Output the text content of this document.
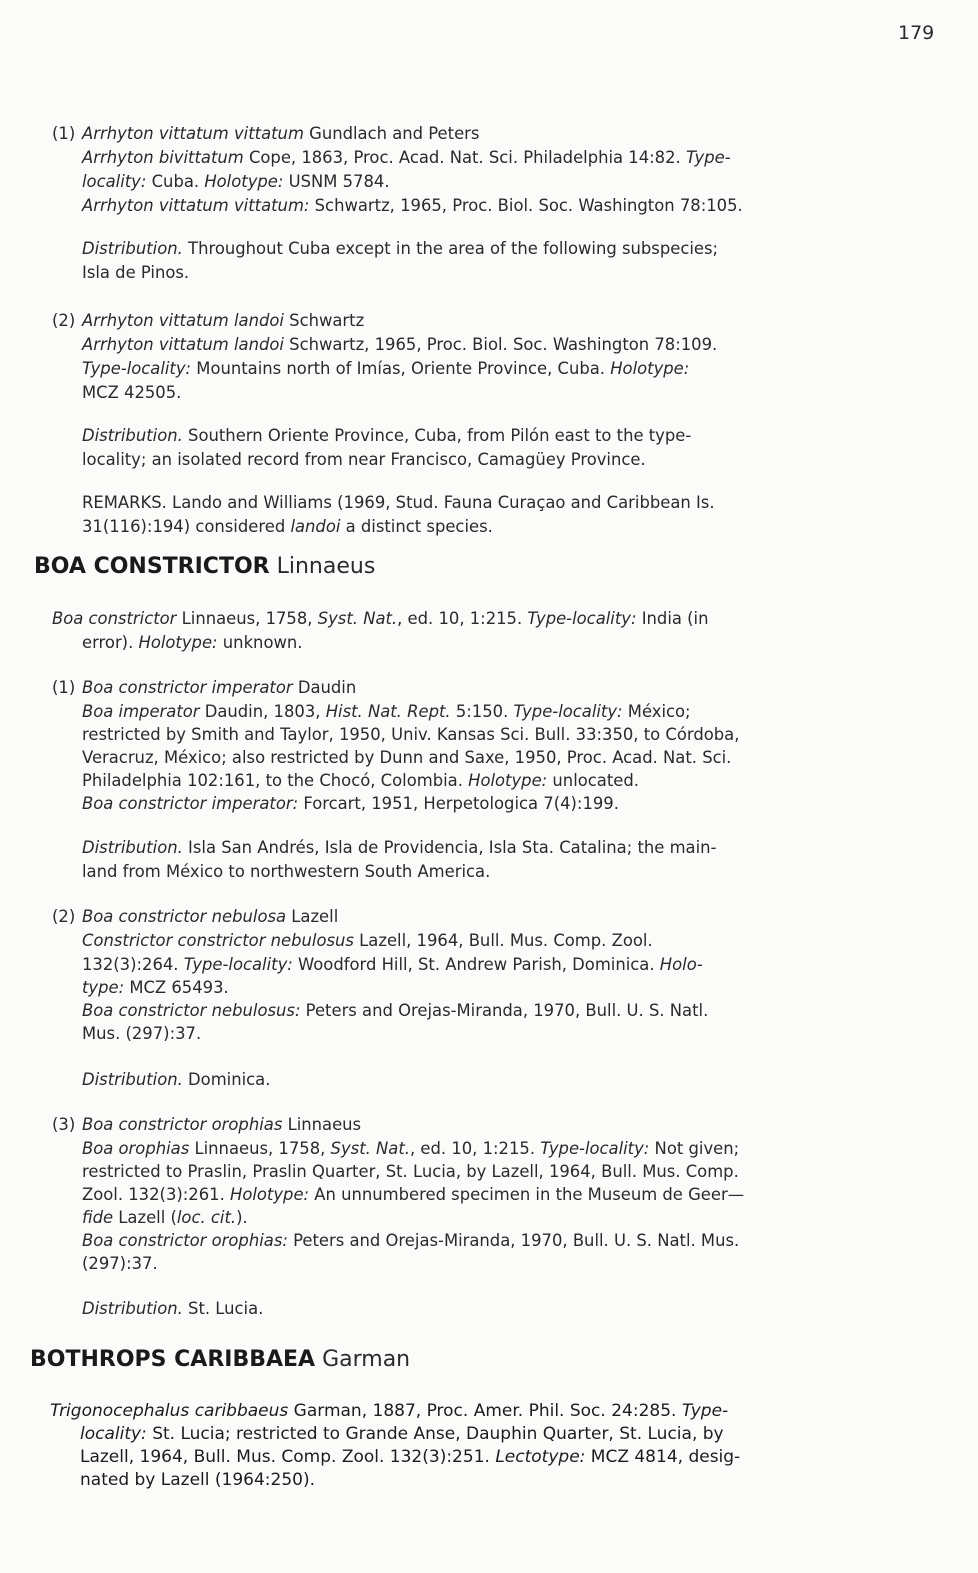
179
(1) Arrhyton vittatum vittatum Gundlach and Peters
Arrhyton bivittatum Cope, 1863, Proc. Acad. Nat. Sci. Philadelphia 14:82. Type-
locality: Cuba. Holotype: USNM 5784.
Arrhyton vittatum vittatum: Schwartz, 1965, Proc. Biol. Soc. Washington 78:105.
Distribution. Throughout Cuba except in the area of the following subspecies;
Isla de Pinos.
(2) Arrhyton vittatum landoi Schwartz
Arrhyton vittatum landoi Schwartz, 1965, Proc. Biol. Soc. Washington 78:109.
Type-locality: Mountains north of Imías, Oriente Province, Cuba. Holotype:
MCZ 42505.
Distribution. Southern Oriente Province, Cuba, from Pilón east to the type-
locality; an isolated record from near Francisco, Camagüey Province.
REMARKS. Lando and Williams (1969, Stud. Fauna Curaçao and Caribbean Is.
31(116):194) considered landoi a distinct species.
BOA CONSTRICTOR Linnaeus
Boa constrictor Linnaeus, 1758, Syst. Nat., ed. 10, 1:215. Type-locality: India (in
error). Holotype: unknown.
(1) Boa constrictor imperator Daudin
Boa imperator Daudin, 1803, Hist. Nat. Rept. 5:150. Type-locality: México;
restricted by Smith and Taylor, 1950, Univ. Kansas Sci. Bull. 33:350, to Córdoba,
Veracruz, México; also restricted by Dunn and Saxe, 1950, Proc. Acad. Nat. Sci.
Philadelphia 102:161, to the Chocó, Colombia. Holotype: unlocated.
Boa constrictor imperator: Forcart, 1951, Herpetologica 7(4):199.
Distribution. Isla San Andrés, Isla de Providencia, Isla Sta. Catalina; the main-
land from México to northwestern South America.
(2) Boa constrictor nebulosa Lazell
Constrictor constrictor nebulosus Lazell, 1964, Bull. Mus. Comp. Zool.
132(3):264. Type-locality: Woodford Hill, St. Andrew Parish, Dominica. Holo-
type: MCZ 65493.
Boa constrictor nebulosus: Peters and Orejas-Miranda, 1970, Bull. U. S. Natl.
Mus. (297):37.
Distribution. Dominica.
(3) Boa constrictor orophias Linnaeus
Boa orophias Linnaeus, 1758, Syst. Nat., ed. 10, 1:215. Type-locality: Not given;
restricted to Praslin, Praslin Quarter, St. Lucia, by Lazell, 1964, Bull. Mus. Comp.
Zool. 132(3):261. Holotype: An unnumbered specimen in the Museum de Geer—
fide Lazell (loc. cit.).
Boa constrictor orophias: Peters and Orejas-Miranda, 1970, Bull. U. S. Natl. Mus.
(297):37.
Distribution. St. Lucia.
BOTHROPS CARIBBAEA Garman
Trigonocephalus caribbaeus Garman, 1887, Proc. Amer. Phil. Soc. 24:285. Type-
locality: St. Lucia; restricted to Grande Anse, Dauphin Quarter, St. Lucia, by
Lazell, 1964, Bull. Mus. Comp. Zool. 132(3):251. Lectotype: MCZ 4814, desig-
nated by Lazell (1964:250).
